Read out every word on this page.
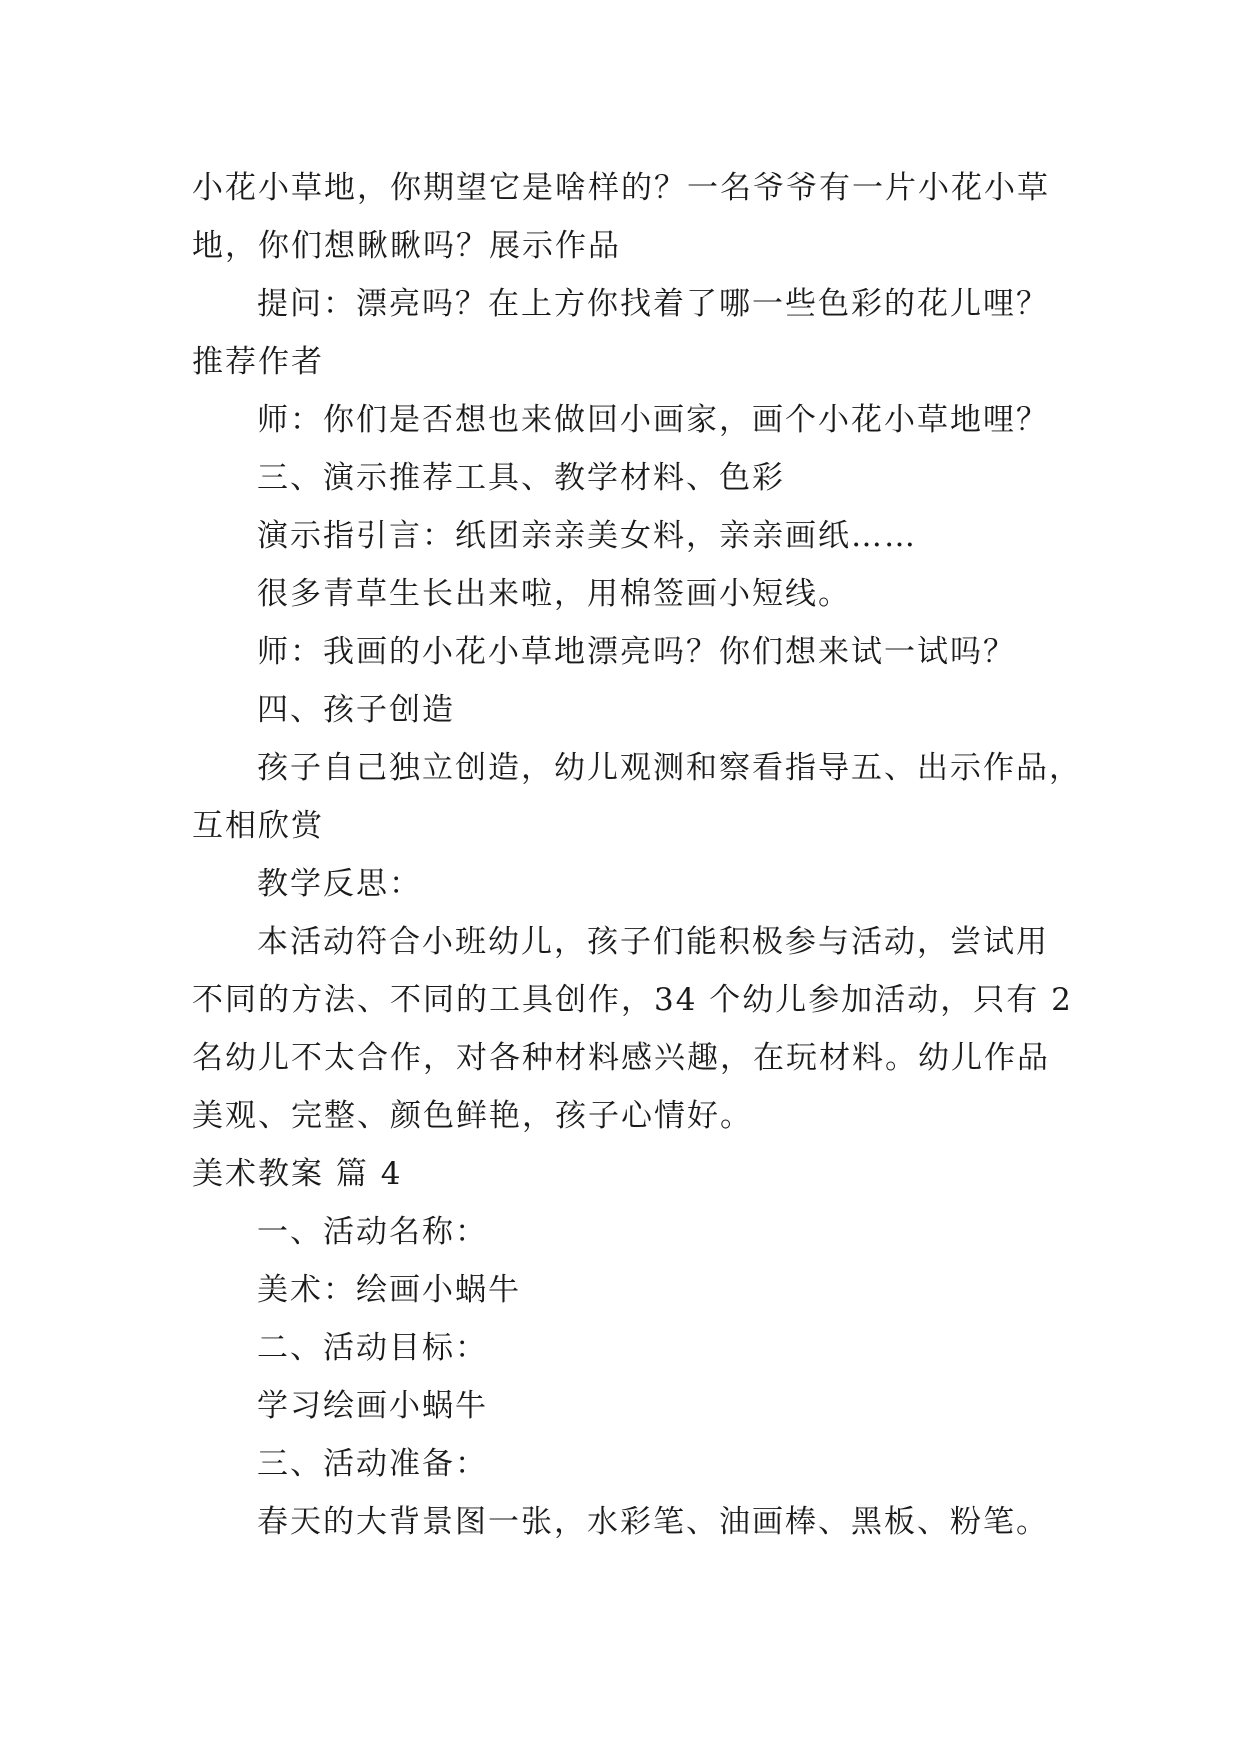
小花小草地，你期望它是啥样的？一名爷爷有一片小花小草

地，你们想瞅瞅吗？展示作品

提问：漂亮吗？在上方你找着了哪一些色彩的花儿哩？

推荐作者

师：你们是否想也来做回小画家，画个小花小草地哩？

三、演示推荐工具、教学材料、色彩

演示指引言：纸团亲亲美女料，亲亲画纸……

很多青草生长出来啦，用棉签画小短线。

师：我画的小花小草地漂亮吗？你们想来试一试吗？

四、孩子创造

孩子自己独立创造，幼儿观测和察看指导五、出示作品，

互相欣赏

教学反思：

本活动符合小班幼儿，孩子们能积极参与活动，尝试用

不同的方法、不同的工具创作，34 个幼儿参加活动，只有 2

名幼儿不太合作，对各种材料感兴趣，在玩材料。幼儿作品

美观、完整、颜色鲜艳，孩子心情好。

美术教案 篇 4

一、活动名称：

美术：绘画小蜗牛

二、活动目标：

学习绘画小蜗牛

三、活动准备：

春天的大背景图一张，水彩笔、油画棒、黑板、粉笔。
